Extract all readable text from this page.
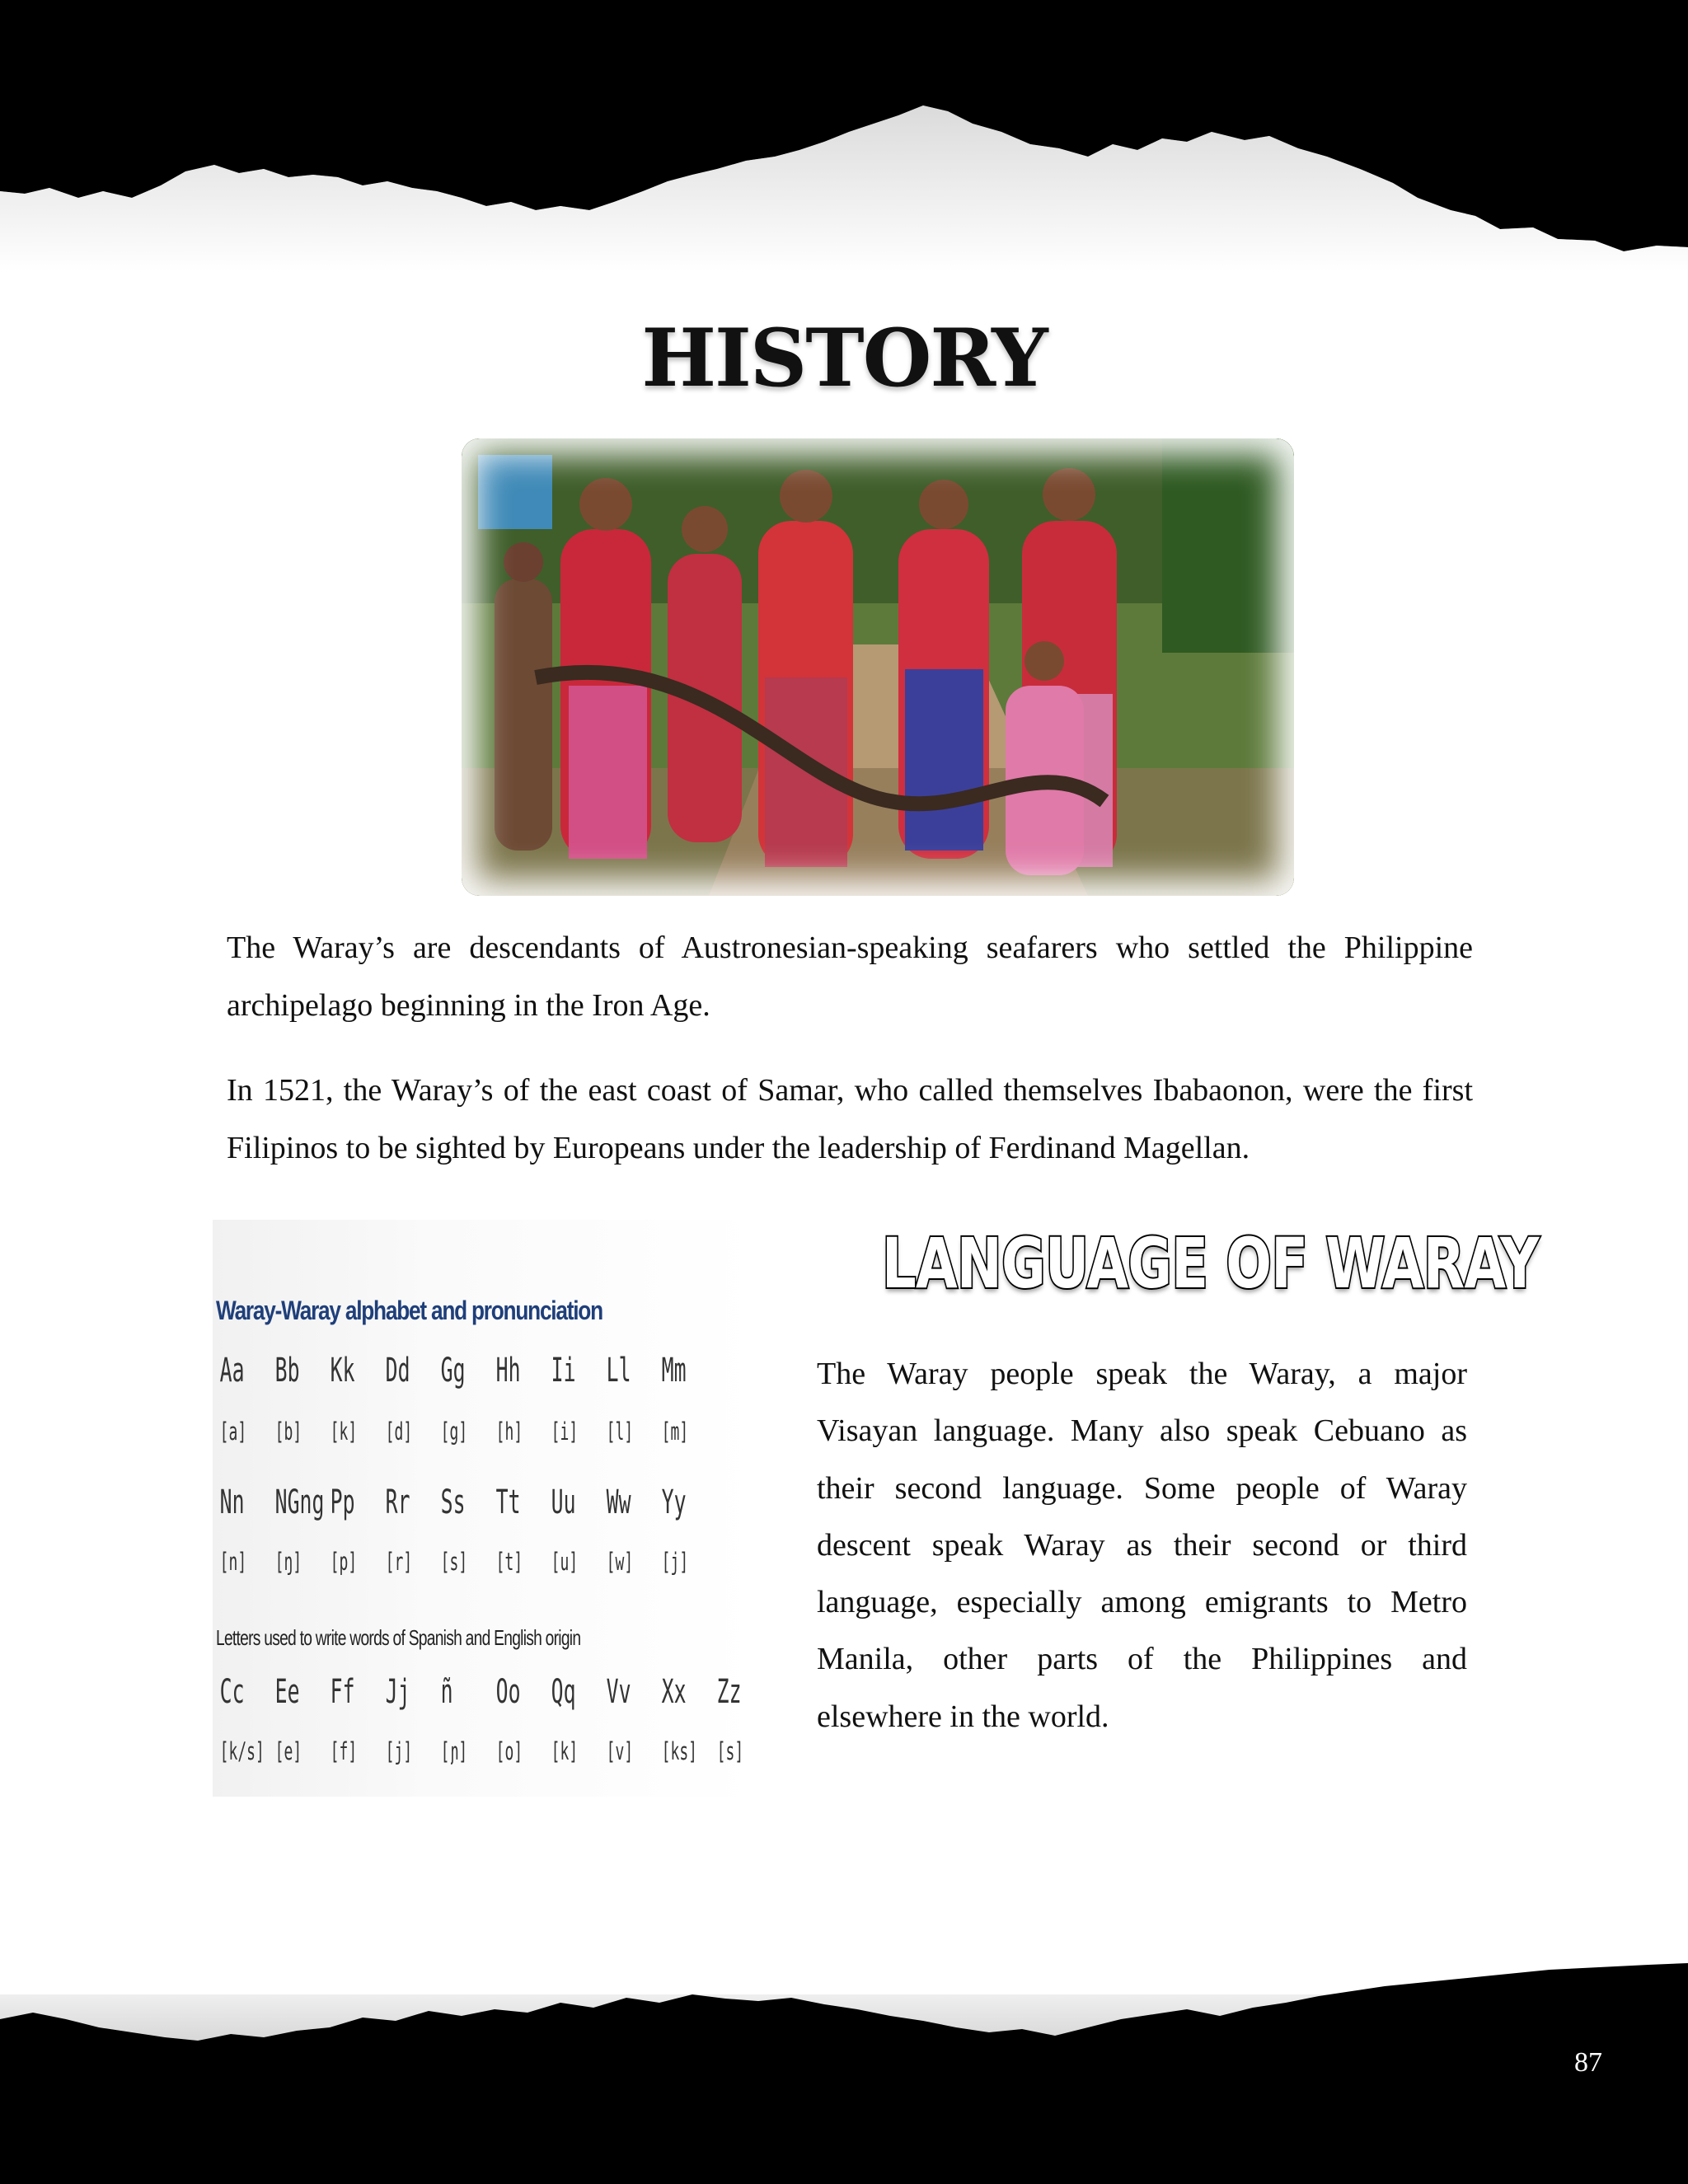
HISTORY

The Waray’s are descendants of Austronesian-speaking seafarers who settled the Philippine archipelago beginning in the Iron Age.

In 1521, the Waray’s of the east coast of Samar, who called themselves Ibabaonon, were the first Filipinos to be sighted by Europeans under the leadership of Ferdinand Magellan.

Waray-Waray alphabet and pronunciation
Aa Bb Kk Dd Gg Hh Ii Ll Mm
[a] [b] [k] [d] [g] [h] [i] [l] [m]
Nn NGng Pp Rr Ss Tt Uu Ww Yy
[n] [ŋ] [p] [r] [s] [t] [u] [w] [j]
Letters used to write words of Spanish and English origin
Cc Ee Ff Jj ñ	Oo Qq Vv Xx Zz
[k/s] [e] [f] [j] [ɲ] [o] [k] [v] [ks] [s]
LANGUAGE OF WARAY

The Waray people speak the Waray, a major Visayan language. Many also speak Cebuano as their second language. Some people of Waray descent speak Waray as their second or third language, especially among emigrants to Metro Manila, other parts of the Philippines and elsewhere in the world.

87
